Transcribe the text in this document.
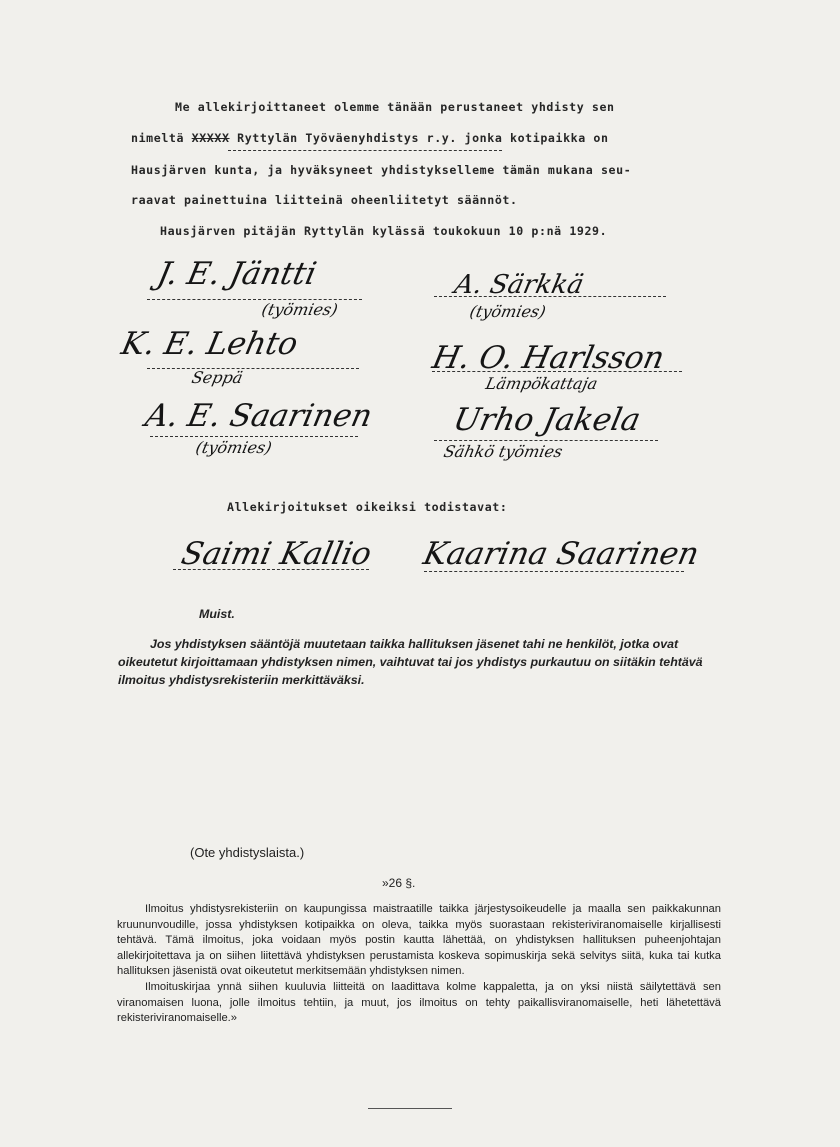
Me allekirjoittaneet olemme tänään perustaneet yhdisty sen
nimeltä XXXXX Ryttylän Työväenyhdistys r.y. jonka kotipaikka on
Hausjärven kunta, ja hyväksyneet yhdistykselleme tämän mukana seu-
raavat painettuina liitteinä oheenliitetyt säännöt.
Hausjärven pitäjän Ryttylän kylässä toukokuun 10 p:nä 1929.
J. E. Jäntti
(työmies)
A. Särkkä
(työmies)
K. E. Lehto
Seppä
H. O. Harlsson
Lämpökattaja
A. E. Saarinen
(työmies)
Urho Jakela
Sähkö työmies
Allekirjoitukset oikeiksi todistavat:
Saimi Kallio Kaarina Saarinen
Muist.
Jos yhdistyksen sääntöjä muutetaan taikka hallituksen jäsenet tahi ne henkilöt, jotka ovat oikeutetut kirjoittamaan yhdistyksen nimen, vaihtuvat tai jos yhdistys purkautuu on siitäkin tehtävä ilmoitus yhdistysrekisteriin merkittäväksi.
(Ote yhdistyslaista.)
»26 §.

Ilmoitus yhdistysrekisteriin on kaupungissa maistraatille taikka järjestysoikeudelle ja maalla sen paikkakunnan kruununvoudille, jossa yhdistyksen kotipaikka on oleva, taikka myös suorastaan rekisteriviranomaiselle kirjallisesti tehtävä. Tämä ilmoitus, joka voidaan myös postin kautta lähettää, on yhdistyksen hallituksen puheenjohtajan allekirjoitettava ja on siihen liitettävä yhdistyksen perustamista koskeva sopimuskirja sekä selvitys siitä, kuka tai kutka hallituksen jäsenistä ovat oikeutetut merkitsemään yhdistyksen nimen.

Ilmoituskirjaa ynnä siihen kuuluvia liitteitä on laadittava kolme kappaletta, ja on yksi niistä säilytettävä sen viranomaisen luona, jolle ilmoitus tehtiin, ja muut, jos ilmoitus on tehty paikallisviranomaiselle, heti lähetettävä rekisteriviranomaiselle.»
